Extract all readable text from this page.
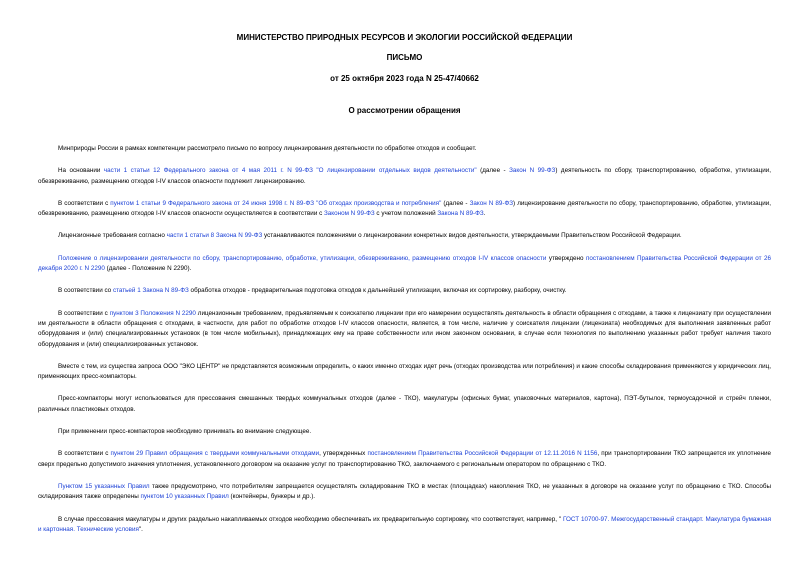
МИНИСТЕРСТВО ПРИРОДНЫХ РЕСУРСОВ И ЭКОЛОГИИ РОССИЙСКОЙ ФЕДЕРАЦИИ
ПИСЬМО
от 25 октября 2023 года N 25-47/40662
О рассмотрении обращения

Минприроды России в рамках компетенции рассмотрело письмо по вопросу лицензирования деятельности по обработке отходов и сообщает.

На основании части 1 статьи 12 Федерального закона от 4 мая 2011 г. N 99-ФЗ "О лицензировании отдельных видов деятельности" (далее - Закон N 99-ФЗ) деятельность по сбору, транспортированию, обработке, утилизации, обезвреживанию, размещению отходов I-IV классов опасности подлежит лицензированию.

В соответствии с пунктом 1 статьи 9 Федерального закона от 24 июня 1998 г. N 89-ФЗ "Об отходах производства и потребления" (далее - Закон N 89-ФЗ) лицензирование деятельности по сбору, транспортированию, обработке, утилизации, обезвреживанию, размещению отходов I-IV классов опасности осуществляется в соответствии с Законом N 99-ФЗ с учетом положений Закона N 89-ФЗ.

Лицензионные требования согласно части 1 статьи 8 Закона N 99-ФЗ устанавливаются положениями о лицензировании конкретных видов деятельности, утверждаемыми Правительством Российской Федерации.

Положение о лицензировании деятельности по сбору, транспортированию, обработке, утилизации, обезвреживанию, размещению отходов I-IV классов опасности утверждено постановлением Правительства Российской Федерации от 26 декабря 2020 г. N 2290 (далее - Положение N 2290).

В соответствии со статьей 1 Закона N 89-ФЗ обработка отходов - предварительная подготовка отходов к дальнейшей утилизации, включая их сортировку, разборку, очистку.

В соответствии с пунктом 3 Положения N 2290 лицензионным требованием, предъявляемым к соискателю лицензии при его намерении осуществлять деятельность в области обращения с отходами, а также к лицензиату при осуществлении им деятельности в области обращения с отходами, в частности, для работ по обработке отходов I-IV классов опасности, является, в том числе, наличие у соискателя лицензии (лицензиата) необходимых для выполнения заявленных работ оборудования и (или) специализированных установок (в том числе мобильных), принадлежащих ему на праве собственности или ином законном основании, в случае если технология по выполнению указанных работ требует наличия такого оборудования и (или) специализированных установок.

Вместе с тем, из существа запроса ООО "ЭКО ЦЕНТР" не представляется возможным определить, о каких именно отходах идет речь (отходах производства или потребления) и какие способы складирования применяются у юридических лиц, применяющих пресс-компакторы.

Пресс-компакторы могут использоваться для прессования смешанных твердых коммунальных отходов (далее - ТКО), макулатуры (офисных бумаг, упаковочных материалов, картона), ПЭТ-бутылок, термоусадочной и стрейч пленки, различных пластиковых отходов.

При применении пресс-компакторов необходимо принимать во внимание следующее.

В соответствии с пунктом 29 Правил обращения с твердыми коммунальными отходами, утвержденных постановлением Правительства Российской Федерации от 12.11.2016 N 1156, при транспортировании ТКО запрещается их уплотнение сверх предельно допустимого значения уплотнения, установленного договором на оказание услуг по транспортированию ТКО, заключаемого с региональным оператором по обращению с ТКО.

Пунктом 15 указанных Правил также предусмотрено, что потребителям запрещается осуществлять складирование ТКО в местах (площадках) накопления ТКО, не указанных в договоре на оказание услуг по обращению с ТКО. Способы складирования также определены пунктом 10 указанных Правил (контейнеры, бункеры и др.).

В случае прессования макулатуры и других раздельно накапливаемых отходов необходимо обеспечивать их предварительную сортировку, что соответствует, например, " ГОСТ 10700-97. Межгосударственный стандарт. Макулатура бумажная и картонная. Технические условия".
